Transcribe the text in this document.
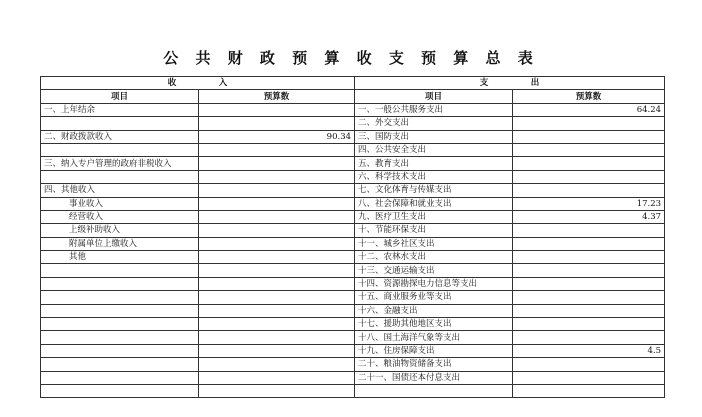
公 共 财 政 预 算 收 支 预 算 总 表
收　　　　　入		支　　　　　出	
项目	预算数	项目	预算数
一、上年结余		一、一般公共服务支出	64.24
		二、外交支出	
二、财政拨款收入	90.34	三、国防支出	
		四、公共安全支出	
三、纳入专户管理的政府非税收入		五、教育支出	
		六、科学技术支出	
四、其他收入		七、文化体育与传媒支出	
事业收入		八、社会保障和就业支出	17.23
经营收入		九、医疗卫生支出	4.37
上级补助收入		十、节能环保支出	
附属单位上缴收入		十一、城乡社区支出	
其他		十二、农林水支出	
		十三、交通运输支出	
		十四、资源勘探电力信息等支出	
		十五、商业服务业等支出	
		十六、金融支出	
		十七、援助其他地区支出	
		十八、国土海洋气象等支出	
		十九、住房保障支出	4.5
		二十、粮油物资储备支出	
		二十一、国债还本付息支出	
